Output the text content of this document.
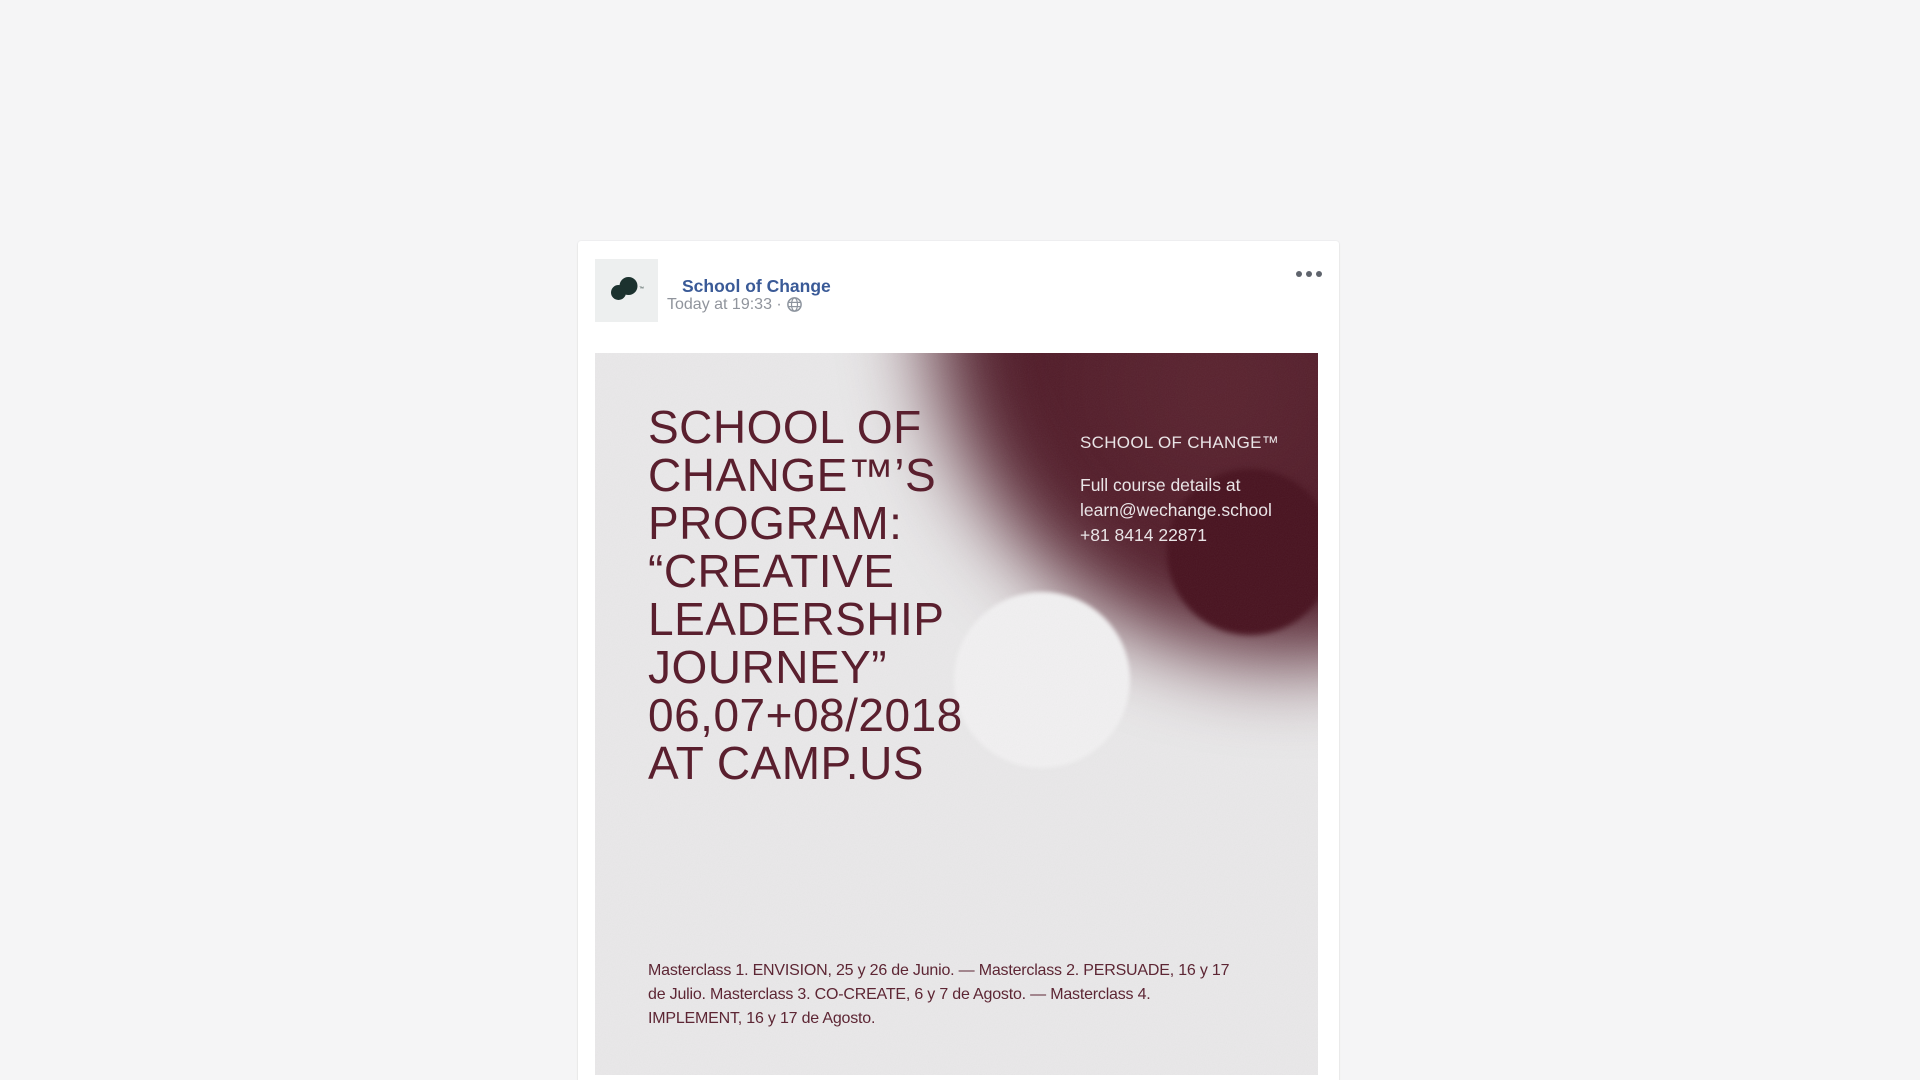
™ School of Change
Today at 19:33 ·
SCHOOL OF
CHANGE™’S
PROGRAM:
“CREATIVE
LEADERSHIP
JOURNEY”
06,07+08/2018
AT CAMP.US
SCHOOL OF CHANGE™
Full course details at
learn@wechange.school
+81 8414 22871
Masterclass 1. ENVISION, 25 y 26 de Junio. — Masterclass 2. PERSUADE, 16 y 17
de Julio. Masterclass 3. CO-CREATE, 6 y 7 de Agosto. — Masterclass 4.
IMPLEMENT, 16 y 17 de Agosto.
